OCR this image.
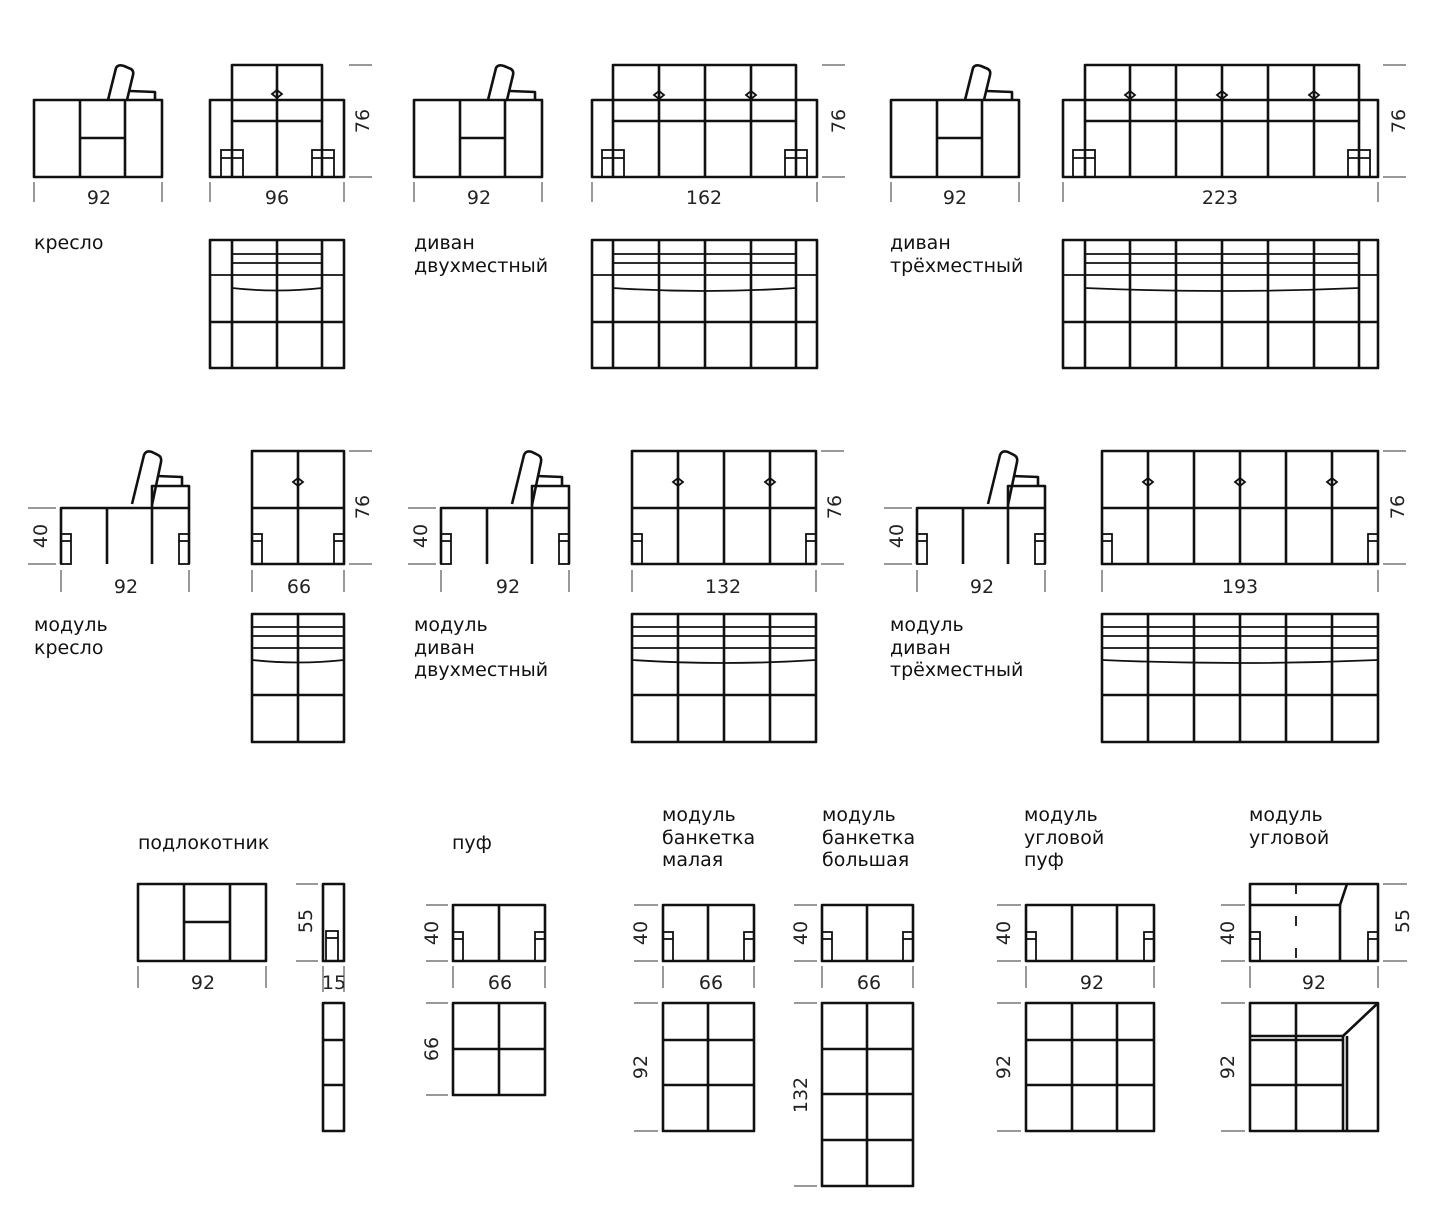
92	96
76
92	162
76
92	223
76
40
92	66
76
40
92	132
76
40
92	193
76
92
55
15
40
66
66
40
66
92
40
66
132
40
92
92
40	55
92
92
кресло	диван
двухместный
диван
трёхместный
модуль
кресло
модуль
диван
двухместный
модуль
диван
трёхместный
подлокотник	пуф
модуль
банкетка
малая
модуль
банкетка
большая
модуль
угловой
пуф
модуль
угловой
